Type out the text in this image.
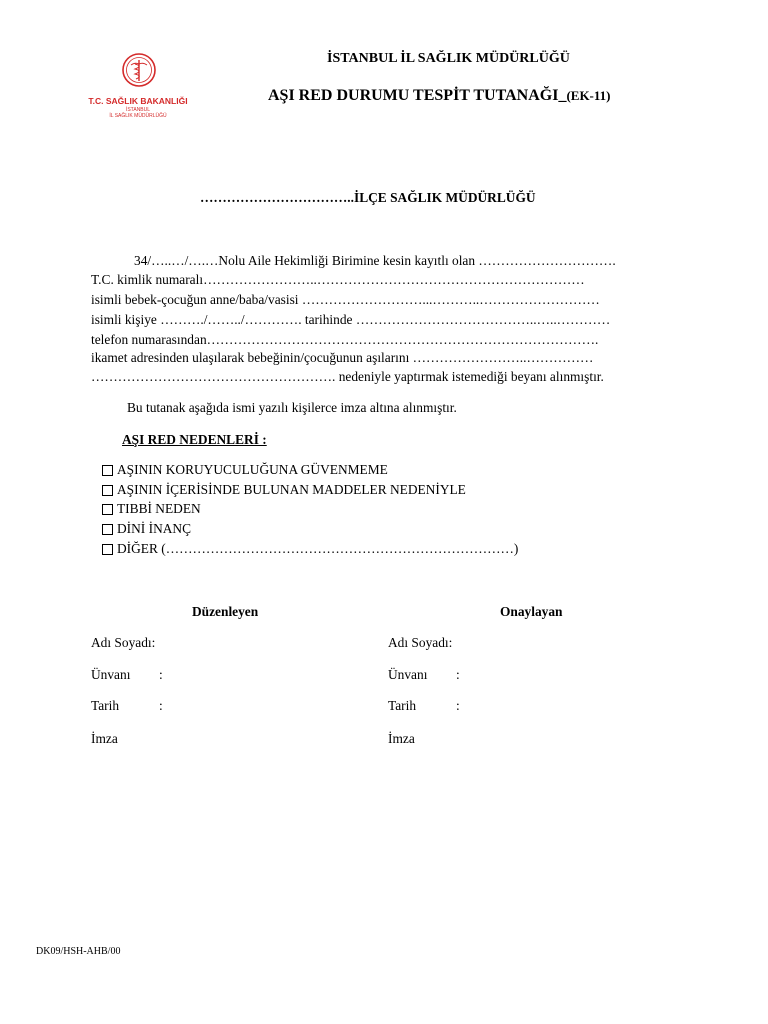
T.C. SAĞLIK BAKANLIĞI
İSTANBUL
İL SAĞLIK MÜDÜRLÜĞÜ
İSTANBUL İL SAĞLIK MÜDÜRLÜĞÜ
AŞI RED DURUMU TESPİT TUTANAĞI_(EK-11)
……………………………..İLÇE SAĞLIK MÜDÜRLÜĞÜ
34/…..…/….…Nolu Aile Hekimliği Birimine kesin kayıtlı olan ………………………….
T.C. kimlik numaralı……………………..……………………………………………………
isimli bebek-çocuğun anne/baba/vasisi ………………………...………..………………………
isimli kişiye ………./……../…………. tarihinde …………………………………..…..…………
telefon numarasından…………………………………………………………………………….
ikamet adresinden ulaşılarak bebeğinin/çocuğunun aşılarını ……………………..……………
………………………………………………. nedeniyle yaptırmak istemediği beyanı alınmıştır.
Bu tutanak aşağıda ismi yazılı kişilerce imza altına alınmıştır.
AŞI RED NEDENLERİ :
AŞININ KORUYUCULUĞUNA GÜVENMEME
AŞININ İÇERİSİNDE BULUNAN MADDELER NEDENİYLE
TIBBİ NEDEN
DİNİ İNANÇ
DİĞER (……………………………………………………………………)
Düzenleyen	Onaylayan
Adı Soyadı:	Adı Soyadı:
Ünvanı :	Ünvanı :
Tarih	:	Tarih	:
İmza	İmza
DK09/HSH-AHB/00
